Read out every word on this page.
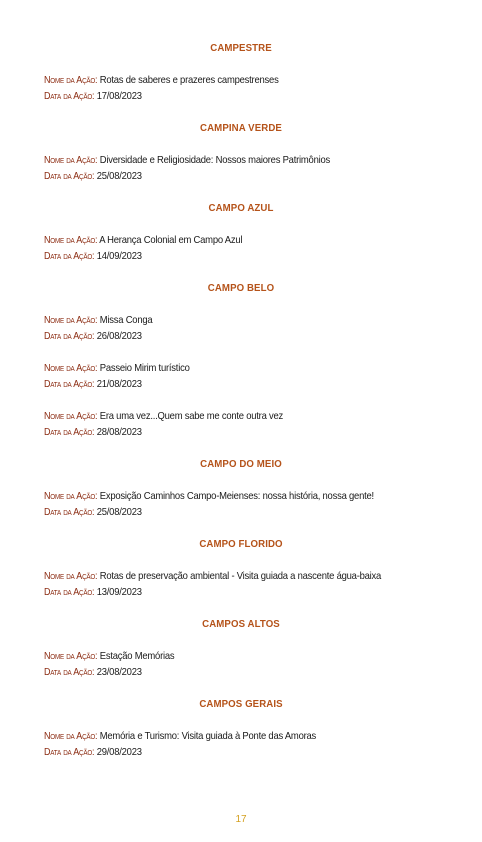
CAMPESTRE
Nome da Ação: Rotas de saberes e prazeres campestrenses
Data da Ação: 17/08/2023
CAMPINA VERDE
Nome da Ação: Diversidade e Religiosidade: Nossos maiores Patrimônios
Data da Ação: 25/08/2023
CAMPO AZUL
Nome da Ação: A Herança Colonial em Campo Azul
Data da Ação: 14/09/2023
CAMPO BELO
Nome da Ação: Missa Conga
Data da Ação: 26/08/2023
Nome da Ação: Passeio Mirim turístico
Data da Ação: 21/08/2023
Nome da Ação: Era uma vez...Quem sabe me conte outra vez
Data da Ação: 28/08/2023
CAMPO DO MEIO
Nome da Ação: Exposição Caminhos Campo-Meienses: nossa história, nossa gente!
Data da Ação: 25/08/2023
CAMPO FLORIDO
Nome da Ação: Rotas de preservação ambiental - Visita guiada a nascente água-baixa
Data da Ação: 13/09/2023
CAMPOS ALTOS
Nome da Ação: Estação Memórias
Data da Ação: 23/08/2023
CAMPOS GERAIS
Nome da Ação: Memória e Turismo: Visita guiada à Ponte das Amoras
Data da Ação: 29/08/2023
17
